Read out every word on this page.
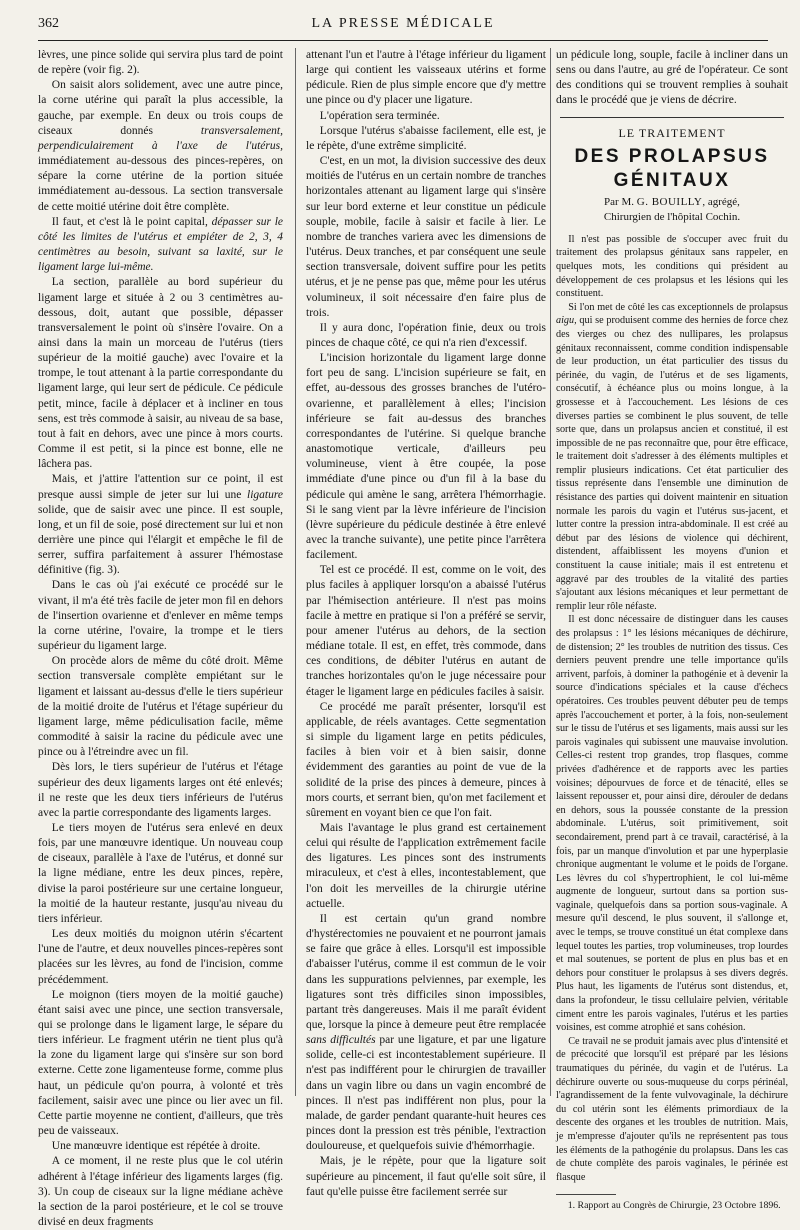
362	LA PRESSE MÉDICALE

lèvres, une pince solide qui servira plus tard de point de repère (voir fig. 2).

On saisit alors solidement, avec une autre pince, la corne utérine qui paraît la plus accessible, la gauche, par exemple. En deux ou trois coups de ciseaux donnés	transversalement, perpendiculairement à l'axe de l'utérus, immédiatement au-dessous des pinces-repères, on sépare la corne utérine de la portion située immédiatement au-dessous. La section transversale de cette moitié utérine doit être complète.

Il faut, et c'est là le point capital, dépasser sur le côté les limites de l'utérus et empiéter de 2, 3, 4 centimètres au besoin, suivant sa laxité, sur le ligament large lui-même.

La section, parallèle au bord supérieur du ligament large et située à 2 ou 3 centimètres au-dessous, doit, autant que possible, dépasser transversalement le point où s'insère l'ovaire. On a ainsi dans la main un morceau de l'utérus (tiers supérieur de la moitié gauche) avec l'ovaire et la trompe, le tout attenant à la partie correspondante du ligament large, qui leur sert de pédicule. Ce pédicule petit, mince, facile à déplacer et à incliner en tous sens, est très commode à saisir, au niveau de sa base, tout à fait en dehors, avec une pince à mors courts. Comme il est petit, si la pince est bonne, elle ne lâchera pas.

Mais, et j'attire l'attention sur ce point, il est presque aussi simple de jeter sur lui une ligature solide, que de saisir avec une pince. Il est souple, long, et un fil de soie, posé directement sur lui et non derrière une pince qui l'élargit et empêche le fil de serrer, suffira parfaitement à assurer l'hémostase définitive (fig. 3).

Dans le cas où j'ai exécuté ce procédé sur le vivant, il m'a été très facile de jeter mon fil en dehors de l'insertion ovarienne et d'enlever en même temps la corne utérine, l'ovaire, la trompe et le tiers supérieur du ligament large.

On procède alors de même du côté droit. Même section transversale complète empiétant sur le ligament et laissant au-dessus d'elle le tiers supérieur de la moitié droite de l'utérus et l'étage supérieur du ligament large, même pédiculisation facile, même commodité à saisir la racine du pédicule avec une pince ou à l'étreindre avec un fil.

Dès lors, le tiers supérieur de l'utérus et l'étage supérieur des deux ligaments larges ont été enlevés; il ne reste que les deux tiers inférieurs de l'utérus avec la partie correspondante des ligaments larges.

Le tiers moyen de l'utérus sera enlevé en deux fois, par une manœuvre identique. Un nouveau coup de ciseaux, parallèle à l'axe de l'utérus, et donné sur la ligne médiane, entre les deux pinces, repère, divise la paroi postérieure sur une certaine longueur, la moitié de la hauteur restante, jusqu'au niveau du tiers inférieur.

Les deux moitiés du moignon utérin s'écartent l'une de l'autre, et deux nouvelles pinces-repères sont placées sur les lèvres, au fond de l'incision, comme précédemment.

Le moignon (tiers moyen de la moitié gauche) étant saisi avec une pince, une section transversale, qui se prolonge dans le ligament large, le sépare du tiers inférieur. Le fragment utérin ne tient plus qu'à la zone du ligament large qui s'insère sur son bord externe. Cette zone ligamenteuse forme, comme plus haut, un pédicule qu'on pourra, à volonté et très facilement, saisir avec une pince ou lier avec un fil. Cette partie moyenne ne contient, d'ailleurs, que très peu de vaisseaux.

Une manœuvre identique est répétée à droite.

A ce moment, il ne reste plus que le col utérin adhérent à l'étage inférieur des ligaments larges (fig. 3). Un coup de ciseaux sur la ligne médiane achève la section de la paroi postérieure, et le col se trouve divisé en deux fragments

attenant l'un et l'autre à l'étage inférieur du ligament large qui contient les vaisseaux utérins et forme pédicule. Rien de plus simple encore que d'y mettre une pince ou d'y placer une ligature.

L'opération sera terminée.

Lorsque l'utérus s'abaisse facilement, elle est, je le répète, d'une extrême simplicité.

C'est, en un mot, la division successive des deux moitiés de l'utérus en un certain nombre de tranches horizontales attenant au ligament large qui s'insère sur leur bord externe et leur constitue un pédicule souple, mobile, facile à saisir et facile à lier. Le nombre de tranches variera avec les dimensions de l'utérus. Deux tranches, et par conséquent une seule section transversale, doivent suffire pour les petits utérus, et je ne pense pas que, même pour les utérus volumineux, il soit nécessaire d'en faire plus de trois.

Il y aura donc, l'opération finie, deux ou trois pinces de chaque côté, ce qui n'a rien d'excessif.

L'incision horizontale du ligament large donne fort peu de sang. L'incision supérieure se fait, en effet, au-dessous des grosses branches de l'utéro-ovarienne, et parallèlement à elles; l'incision inférieure se fait au-dessus des branches correspondantes de l'utérine. Si quelque branche anastomotique verticale, d'ailleurs peu volumineuse, vient à être coupée, la pose immédiate d'une pince ou d'un fil à la base du pédicule qui amène le sang, arrêtera l'hémorrhagie. Si le sang vient par la lèvre inférieure de l'incision (lèvre supérieure du pédicule destinée à être enlevé avec la tranche suivante), une petite pince l'arrêtera facilement.

Tel est ce procédé. Il est, comme on le voit, des plus faciles à appliquer lorsqu'on a abaissé l'utérus par l'hémisection antérieure. Il n'est pas moins facile à mettre en pratique si l'on a préféré se servir, pour amener l'utérus au dehors, de la section médiane totale. Il est, en effet, très commode, dans ces conditions, de débiter l'utérus en autant de tranches horizontales qu'on le juge nécessaire pour étager le ligament large en pédicules faciles à saisir.

Ce procédé me paraît présenter, lorsqu'il est applicable, de réels avantages. Cette segmentation si simple du ligament large en petits pédicules, faciles à bien voir et à bien saisir, donne évidemment des garanties au point de vue de la solidité de la prise des pinces à demeure, pinces à mors courts, et serrant bien, qu'on met facilement et sûrement en voyant bien ce que l'on fait.

Mais l'avantage le plus grand est certainement celui qui résulte de l'application extrêmement facile des ligatures. Les pinces sont des instruments miraculeux, et c'est à elles, incontestablement, que l'on doit les merveilles de la chirurgie utérine actuelle.

Il est certain qu'un grand nombre d'hystérectomies ne pouvaient et ne pourront jamais se faire que grâce à elles. Lorsqu'il est impossible d'abaisser l'utérus, comme il est commun de le voir dans les suppurations pelviennes, par exemple, les ligatures sont très difficiles sinon impossibles, partant très dangereuses. Mais il me paraît évident que, lorsque la pince à demeure peut être remplacée sans difficultés par une ligature, et par une ligature solide, celle-ci est incontestablement supérieure. Il n'est pas indifférent pour le chirurgien de travailler dans un vagin libre ou dans un vagin encombré de pinces. Il n'est pas indifférent non plus, pour la malade, de garder pendant quarante-huit heures ces pinces dont la pression est très pénible, l'extraction douloureuse, et quelquefois suivie d'hémorrhagie.

Mais, je le répète, pour que la ligature soit supérieure au pincement, il faut qu'elle soit sûre, il faut qu'elle puisse être facilement serrée sur

un pédicule long, souple, facile à incliner dans un sens ou dans l'autre, au gré de l'opérateur. Ce sont des conditions qui se trouvent remplies à souhait dans le procédé que je viens de décrire.

LE TRAITEMENT
DES PROLAPSUS GÉNITAUX
Par M. G. BOUILLY, agrégé,
Chirurgien de l'hôpital Cochin.

Il n'est pas possible de s'occuper avec fruit du traitement des prolapsus génitaux sans rappeler, en quelques mots, les conditions qui président au développement de ces prolapsus et les lésions qui les constituent.

Si l'on met de côté les cas exceptionnels de prolapsus aigu, qui se produisent comme des hernies de force chez des vierges ou chez des nullipares, les prolapsus génitaux reconnaissent, comme condition indispensable de leur production, un état particulier des tissus du périnée, du vagin, de l'utérus et de ses ligaments, consécutif, à échéance plus ou moins longue, à la grossesse et à l'accouchement. Les lésions de ces diverses parties se combinent le plus souvent, de telle sorte que, dans un prolapsus ancien et constitué, il est impossible de ne pas reconnaître que, pour être efficace, le traitement doit s'adresser à des éléments multiples et remplir plusieurs indications. Cet état particulier des tissus représente dans l'ensemble une diminution de résistance des parties qui doivent maintenir en situation normale les parois du vagin et l'utérus sus-jacent, et lutter contre la pression intra-abdominale. Il est créé au début par des lésions de violence qui déchirent, distendent, affaiblissent les moyens d'union et constituent la cause initiale; mais il est entretenu et aggravé par des troubles de la vitalité des parties s'ajoutant aux lésions mécaniques et leur permettant de remplir leur rôle néfaste.

Il est donc nécessaire de distinguer dans les causes des prolapsus : 1° les lésions mécaniques de déchirure, de distension; 2° les troubles de nutrition des tissus. Ces derniers peuvent prendre une telle importance qu'ils arrivent, parfois, à dominer la pathogénie et à devenir la source d'indications spéciales et la cause d'échecs opératoires. Ces troubles peuvent débuter peu de temps après l'accouchement et porter, à la fois, non-seulement sur le tissu de l'utérus et ses ligaments, mais aussi sur les parois vaginales qui subissent une mauvaise involution. Celles-ci restent trop grandes, trop flasques, comme privées d'adhérence et de rapports avec les parties voisines; dépourvues de force et de ténacité, elles se laissent repousser et, pour ainsi dire, dérouler de dedans en dehors, sous la poussée constante de la pression abdominale. L'utérus, soit primitivement, soit secondairement, prend part à ce travail, caractérisé, à la fois, par un manque d'involution et par une hyperplasie chronique augmentant le volume et le poids de l'organe. Les lèvres du col s'hypertrophient, le col lui-même augmente de longueur, surtout dans sa portion sus-vaginale, quelquefois dans sa portion sous-vaginale. A mesure qu'il descend, le plus souvent, il s'allonge et, avec le temps, se trouve constitué un état complexe dans lequel toutes les parties, trop volumineuses, trop lourdes et mal soutenues, se portent de plus en plus bas et en dehors pour constituer le prolapsus à ses divers degrés. Plus haut, les ligaments de l'utérus sont distendus, et, dans la profondeur, le tissu cellulaire pelvien, véritable ciment entre les parois vaginales, l'utérus et les parties voisines, est comme atrophié et sans cohésion.

Ce travail ne se produit jamais avec plus d'intensité et de précocité que lorsqu'il est préparé par les lésions traumatiques du périnée, du vagin et de l'utérus. La déchirure ouverte ou sous-muqueuse du corps périnéal, l'agrandissement de la fente vulvovaginale, la déchirure du col utérin sont les éléments primordiaux de la descente des organes et les troubles de nutrition. Mais, je m'empresse d'ajouter qu'ils ne représentent pas tous les éléments de la pathogénie du prolapsus. Dans les cas de chute complète des parois vaginales, le périnée est flasque

1. Rapport au Congrès de Chirurgie, 23 Octobre 1896.
